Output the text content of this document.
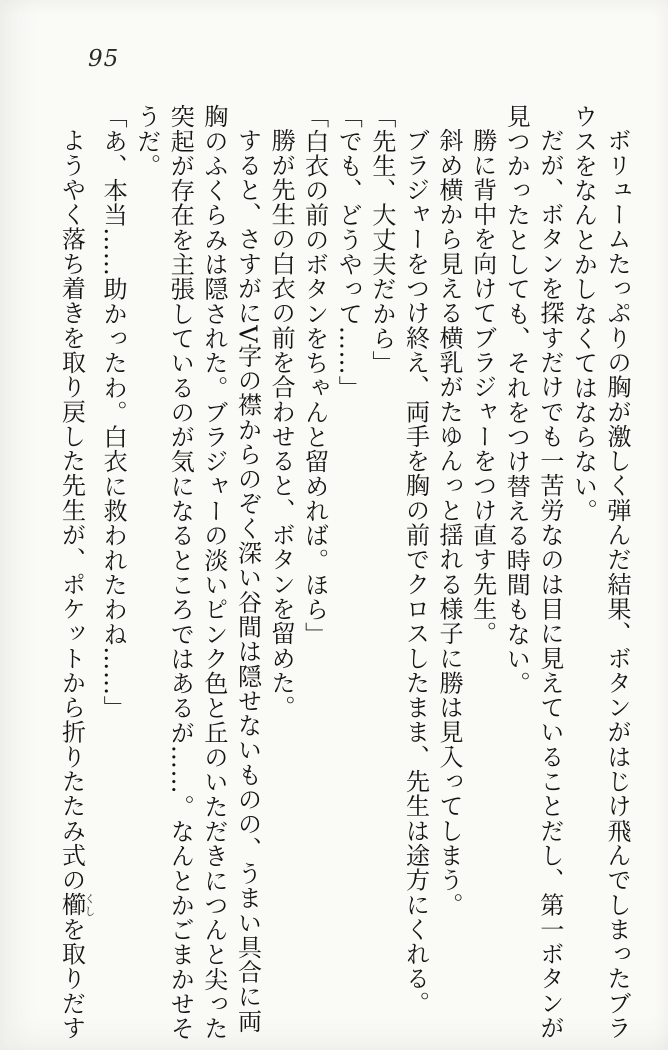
95

ボリュームたっぷりの胸が激しく弾んだ結果、ボタンがはじけ飛んでしまったブラ

ウスをなんとかしなくてはならない。

だが、ボタンを探すだけでも一苦労なのは目に見えていることだし、第一ボタンが

見つかったとしても、それをつけ替える時間もない。

勝に背中を向けてブラジャーをつけ直す先生。

斜め横から見える横乳がたゆんっと揺れる様子に勝は見入ってしまう。

ブラジャーをつけ終え、両手を胸の前でクロスしたまま、先生は途方にくれる。

「先生、大丈夫だから」

「でも、どうやって……」

「白衣の前のボタンをちゃんと留めれば。ほら」

勝が先生の白衣の前を合わせると、ボタンを留めた。

すると、さすがにV字の襟からのぞく深い谷間は隠せないものの、うまい具合に両

胸のふくらみは隠された。ブラジャーの淡いピンク色と丘のいただきにつんと尖った

突起が存在を主張しているのが気になるところではあるが……。なんとかごまかせそ

うだ。

「あ、本当……助かったわ。白衣に救われたわね……」

ようやく落ち着きを取り戻した先生が、ポケットから折りたたみ式の櫛くしを取りだす
